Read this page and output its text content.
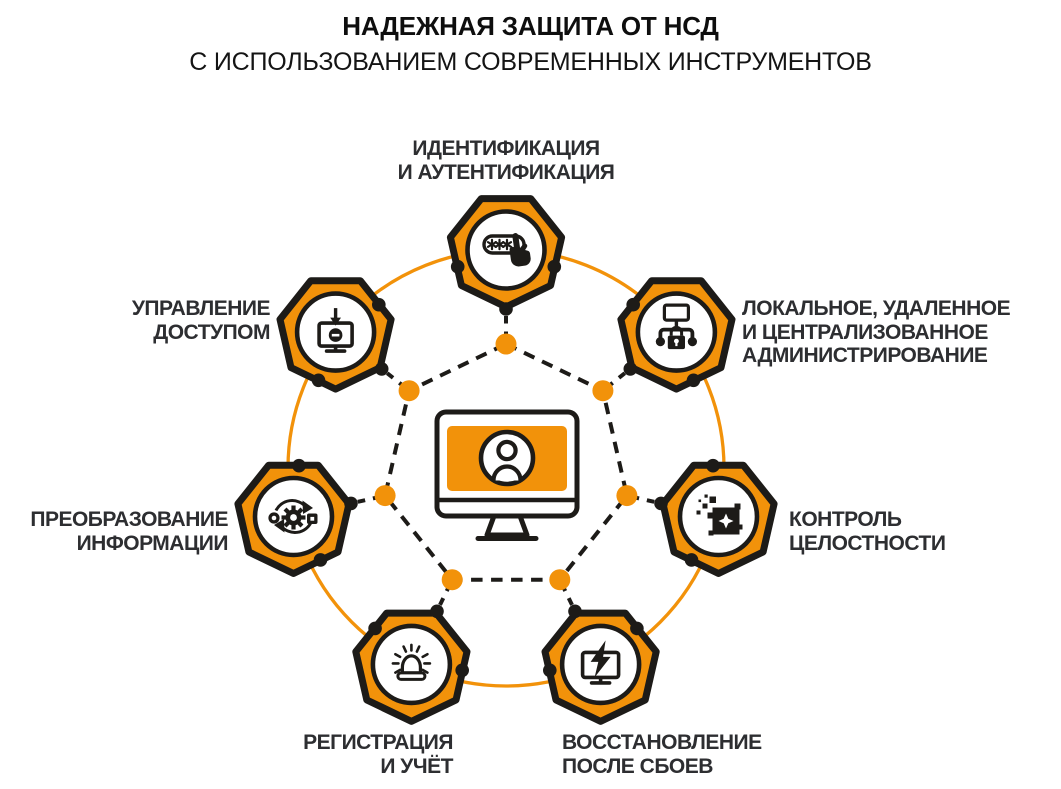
НАДЕЖНАЯ ЗАЩИТА ОТ НСД
С ИСПОЛЬЗОВАНИЕМ СОВРЕМЕННЫХ ИНСТРУМЕНТОВ
ИДЕНТИФИКАЦИЯ
И АУТЕНТИФИКАЦИЯ
ЛОКАЛЬНОЕ, УДАЛЕННОЕ
И ЦЕНТРАЛИЗОВАННОЕ
АДМИНИСТРИРОВАНИЕ
КОНТРОЛЬ
ЦЕЛОСТНОСТИ
ВОССТАНОВЛЕНИЕ
ПОСЛЕ СБОЕВ
РЕГИСТРАЦИЯ
И УЧЁТ
ПРЕОБРАЗОВАНИЕ
ИНФОРМАЦИИ
УПРАВЛЕНИЕ
ДОСТУПОМ
